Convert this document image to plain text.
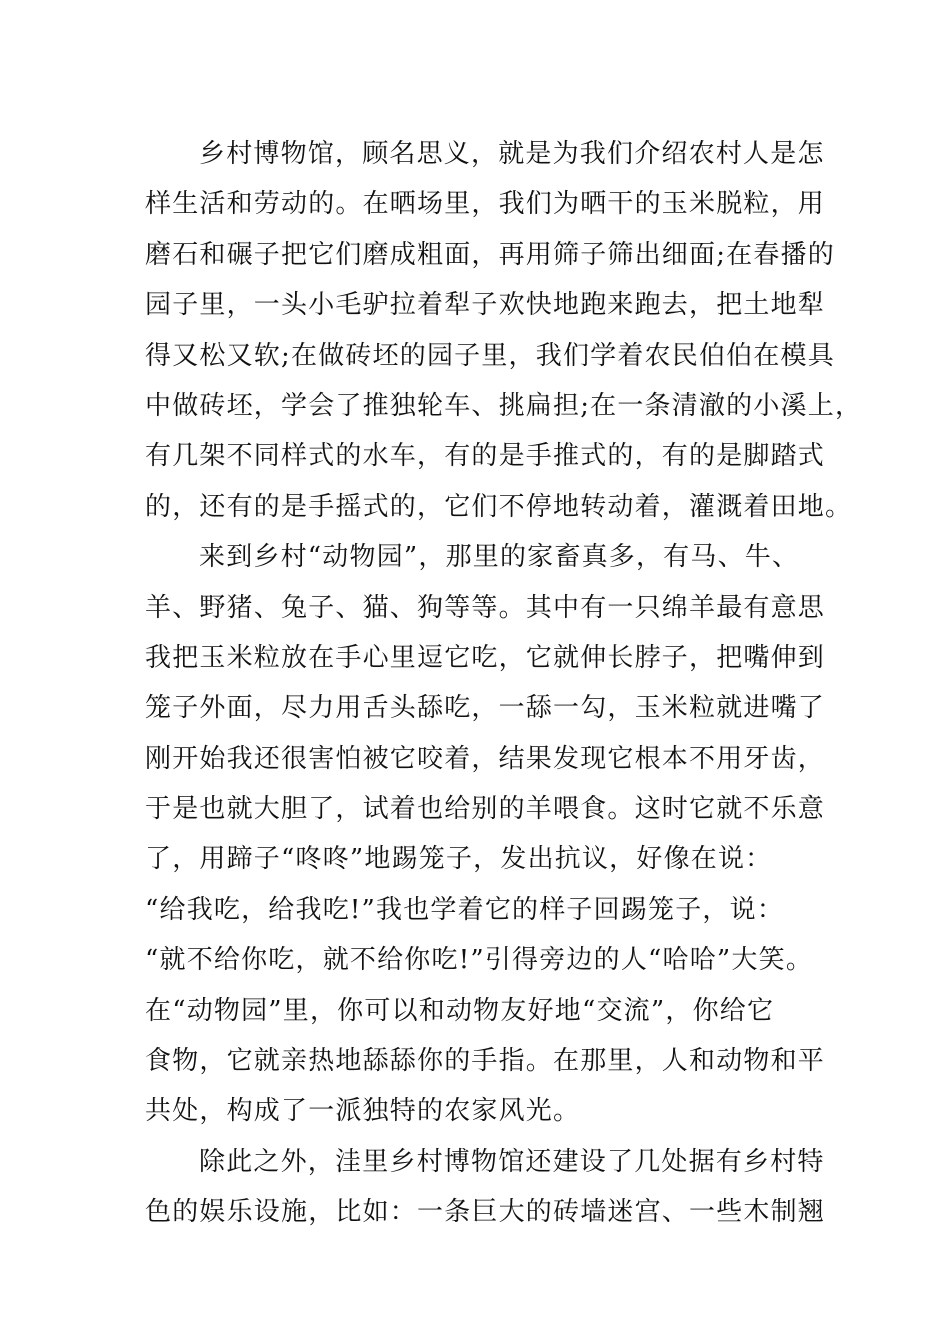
乡村博物馆，顾名思义，就是为我们介绍农村人是怎
样生活和劳动的。在晒场里，我们为晒干的玉米脱粒，用
磨石和碾子把它们磨成粗面，再用筛子筛出细面;在春播的
园子里，一头小毛驴拉着犁子欢快地跑来跑去，把土地犁
得又松又软;在做砖坯的园子里，我们学着农民伯伯在模具
中做砖坯，学会了推独轮车、挑扁担;在一条清澈的小溪上，
有几架不同样式的水车，有的是手推式的，有的是脚踏式
的，还有的是手摇式的，它们不停地转动着，灌溉着田地。
来到乡村“动物园”，那里的家畜真多，有马、牛、
羊、野猪、兔子、猫、狗等等。其中有一只绵羊最有意思
我把玉米粒放在手心里逗它吃，它就伸长脖子，把嘴伸到
笼子外面，尽力用舌头舔吃，一舔一勾，玉米粒就进嘴了
刚开始我还很害怕被它咬着，结果发现它根本不用牙齿，
于是也就大胆了，试着也给别的羊喂食。这时它就不乐意
了，用蹄子“咚咚”地踢笼子，发出抗议，好像在说：
“给我吃，给我吃!”我也学着它的样子回踢笼子，说：
“就不给你吃，就不给你吃!”引得旁边的人“哈哈”大笑。
在“动物园”里，你可以和动物友好地“交流”，你给它
食物，它就亲热地舔舔你的手指。在那里，人和动物和平
共处，构成了一派独特的农家风光。
除此之外，洼里乡村博物馆还建设了几处据有乡村特
色的娱乐设施，比如：一条巨大的砖墙迷宫、一些木制翘
